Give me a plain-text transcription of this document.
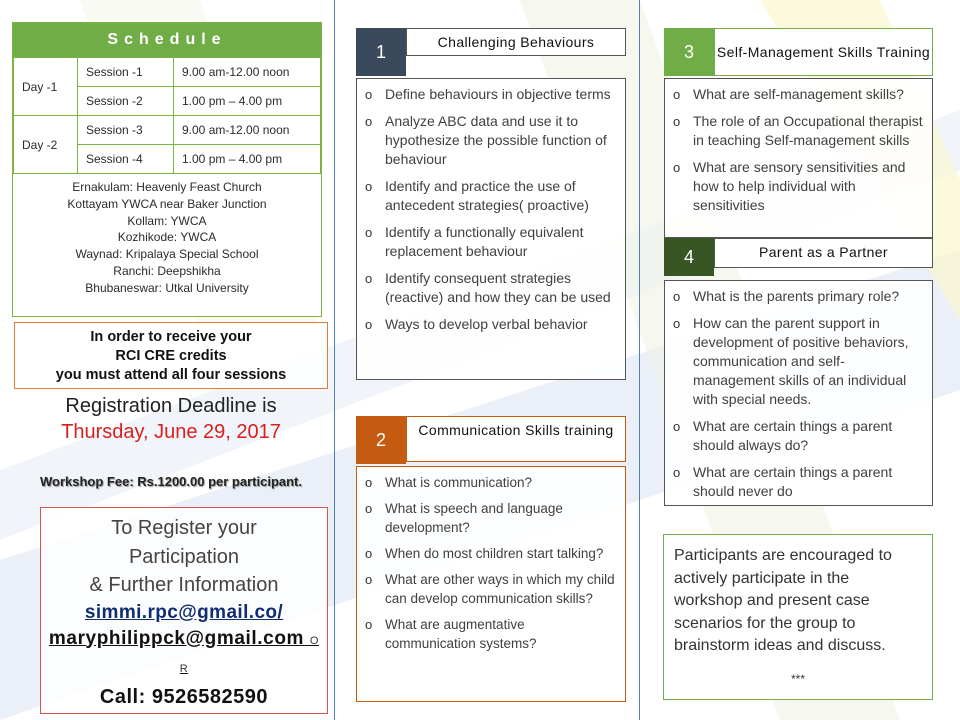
Schedule
Day -1	Session -1	9.00 am-12.00 noon
	Session -2	1.00 pm – 4.00 pm
Day -2	Session -3	9.00 am-12.00 noon
	Session -4	1.00 pm – 4.00 pm
Ernakulam: Heavenly Feast Church
Kottayam YWCA near Baker Junction
Kollam: YWCA
Kozhikode: YWCA
Waynad: Kripalaya Special School
Ranchi: Deepshikha
Bhubaneswar: Utkal University
In order to receive your
RCI CRE credits
you must attend all four sessions
Registration Deadline is
Thursday, June 29, 2017
Workshop Fee: Rs.1200.00 per participant.
To Register your
Participation
& Further Information
simmi.rpc@gmail.co/
maryphilippck@gmail.com OR
Call: 9526582590
1	Challenging Behaviours
o Define behaviours in objective terms
o Analyze ABC data and use it to hypothesize the possible function of behaviour
o Identify and practice the use of antecedent strategies( proactive)
o Identify a functionally equivalent replacement behaviour
o Identify consequent strategies (reactive) and how they can be used
o Ways to develop verbal behavior
2	Communication Skills training
o What is communication?
o What is speech and language development?
o When do most children start talking?
o What are other ways in which my child can develop communication skills?
o What are augmentative communication systems?
3	Self-Management Skills Training
o What are self-management skills?
o The role of an Occupational therapist in teaching Self-management skills
o What are sensory sensitivities and how to help individual with sensitivities
4	Parent as a Partner
o What is the parents primary role?
o How can the parent support in development of positive behaviors, communication and self-management skills of an individual with special needs.
o What are certain things a parent should always do?
o What are certain things a parent should never do
Participants are encouraged to actively participate in the workshop and present case scenarios for the group to brainstorm ideas and discuss.
***
